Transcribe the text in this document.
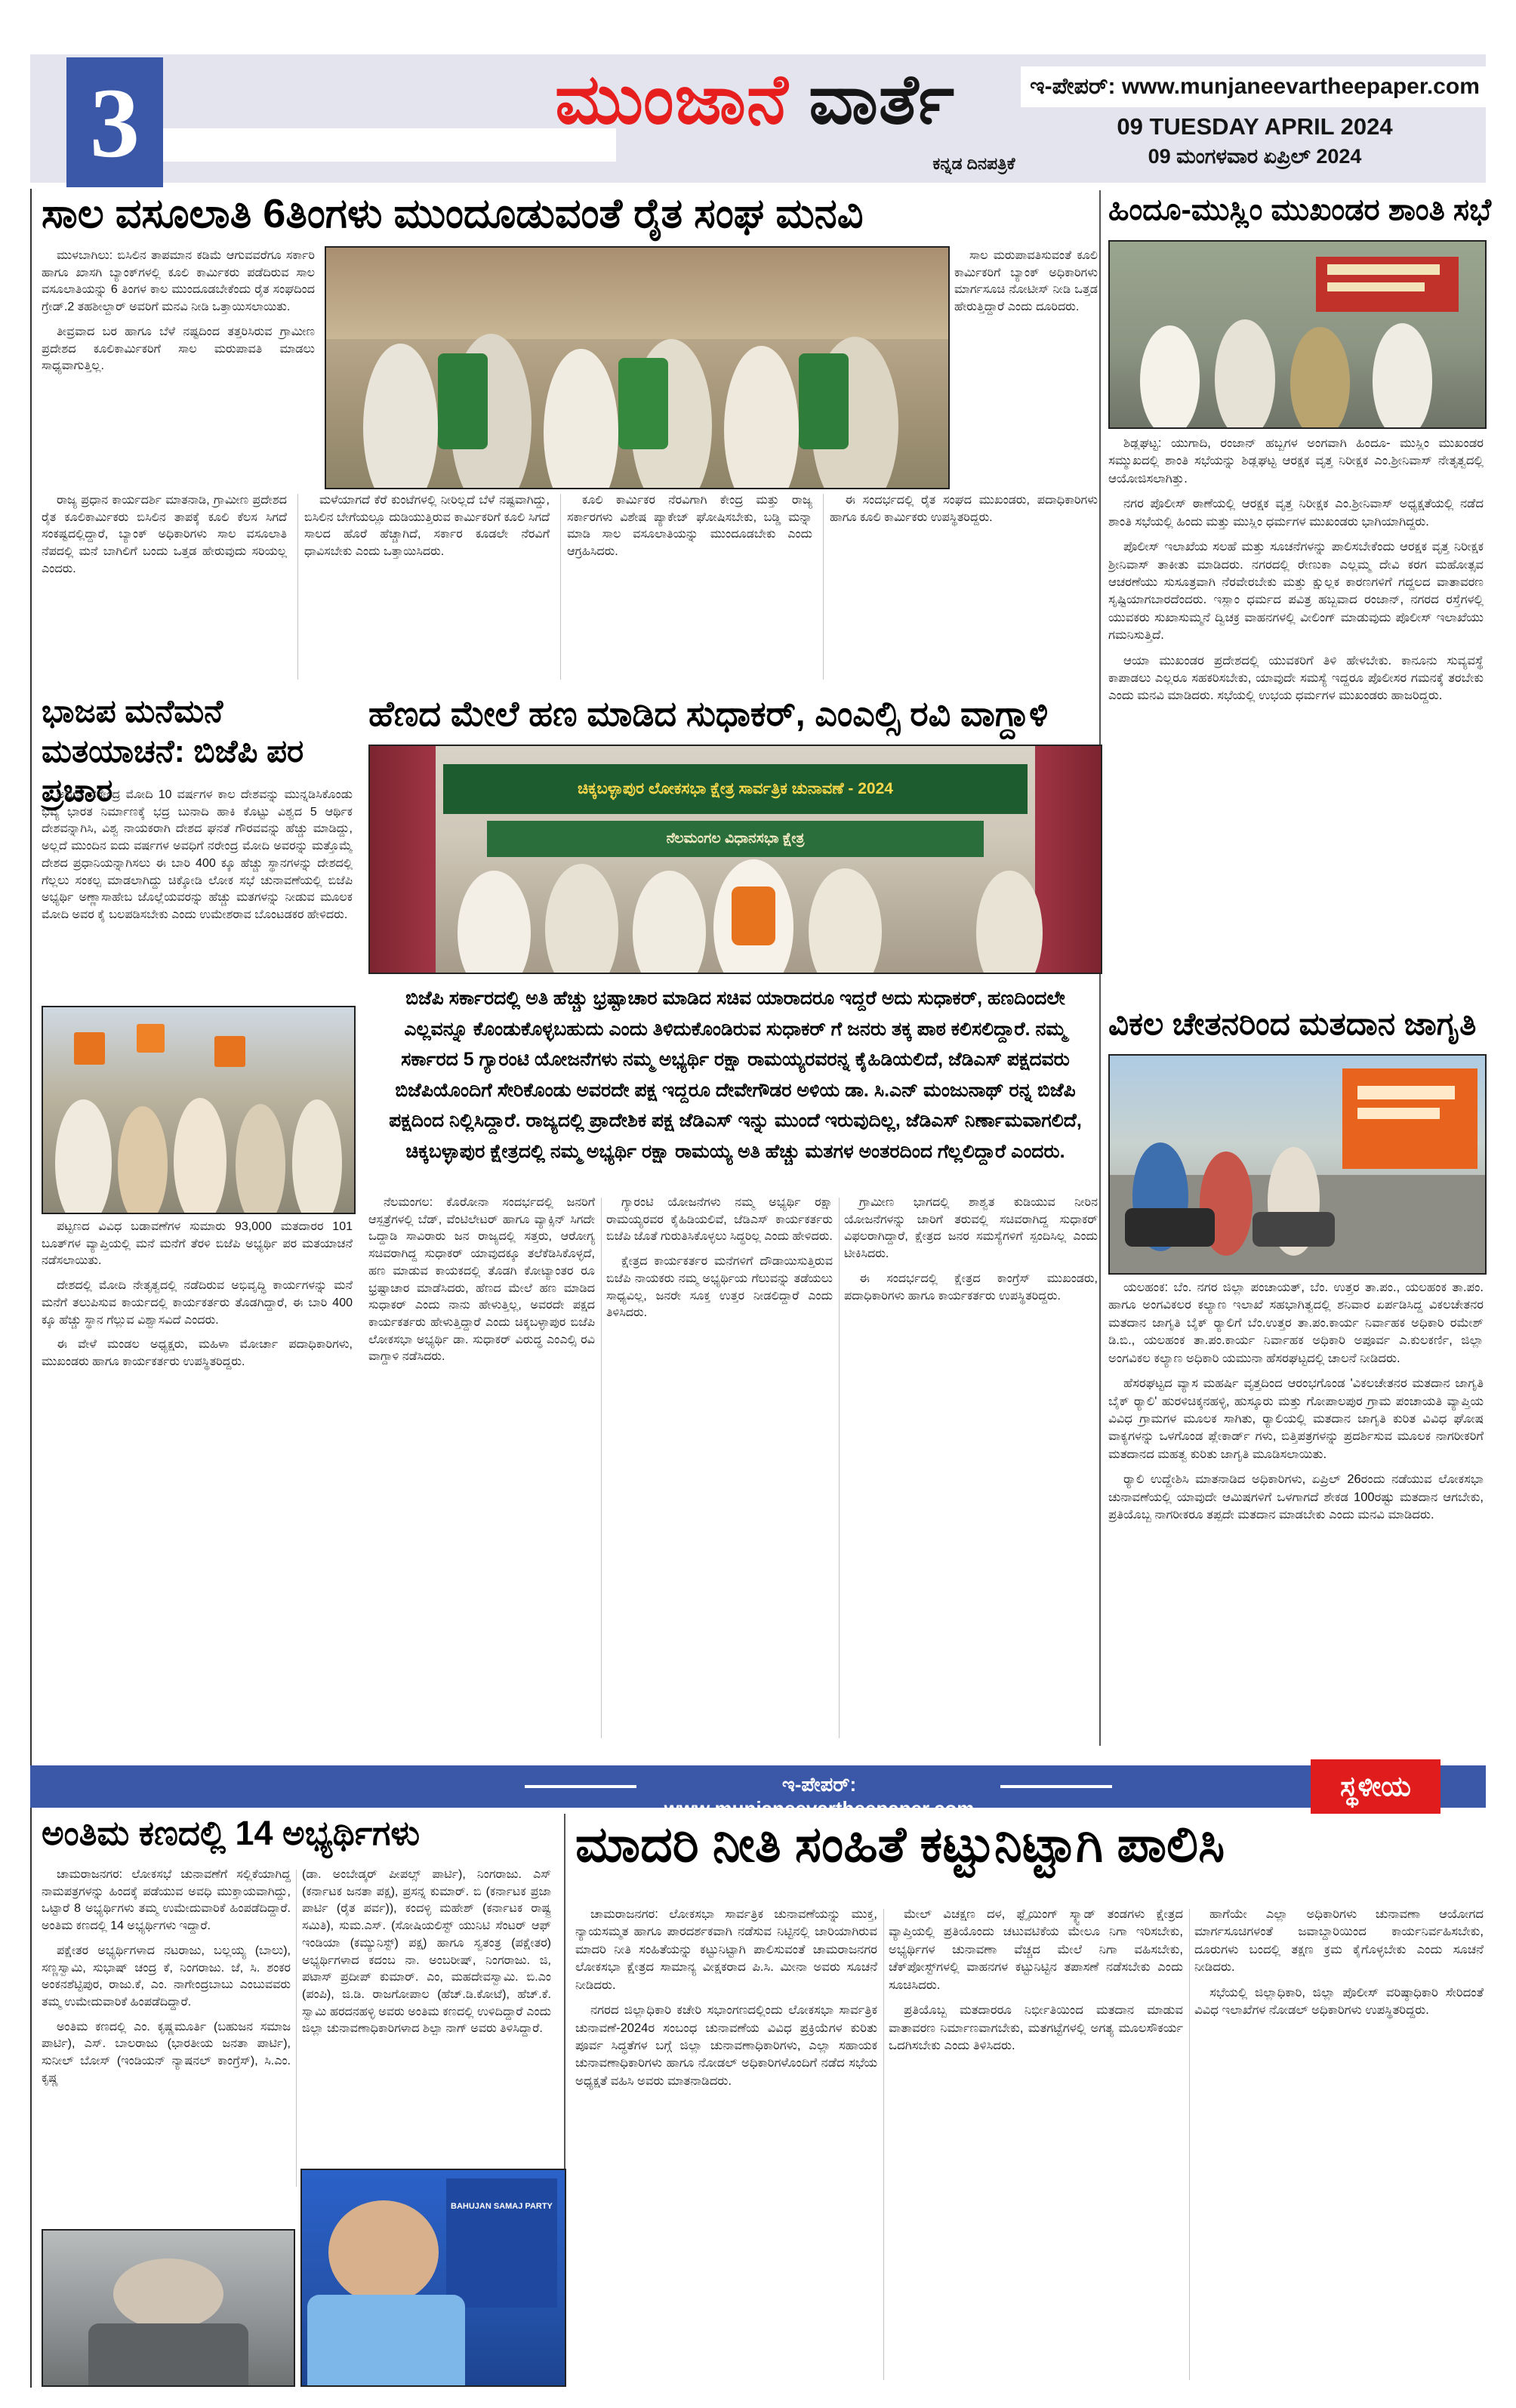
3	ಮುಂಜಾನೆ ವಾರ್ತೆ
ಕನ್ನಡ ದಿನಪತ್ರಿಕೆ
ಇ-ಪೇಪರ್: www.munjaneevartheepaper.com
09 TUESDAY APRIL 2024
09 ಮಂಗಳವಾರ ಏಪ್ರಿಲ್ 2024
ಸಾಲ ವಸೂಲಾತಿ 6ತಿಂಗಳು ಮುಂದೂಡುವಂತೆ ರೈತ ಸಂಘ ಮನವಿ

ಮುಳಬಾಗಿಲು: ಬಿಸಿಲಿನ ತಾಪಮಾನ ಕಡಿಮೆ ಆಗುವವರೆಗೂ ಸರ್ಕಾರಿ ಹಾಗೂ ಖಾಸಗಿ ಬ್ಯಾಂಕ್‌ಗಳಲ್ಲಿ ಕೂಲಿ ಕಾರ್ಮಿಕರು ಪಡೆದಿರುವ ಸಾಲ ವಸೂಲಾತಿಯನ್ನು 6 ತಿಂಗಳ ಕಾಲ ಮುಂದೂಡಬೇಕೆಂದು ರೈತ ಸಂಘದಿಂದ ಗ್ರೇಡ್.2 ತಹಶೀಲ್ದಾರ್ ಅವರಿಗೆ ಮನವಿ ನೀಡಿ ಒತ್ತಾಯಿಸಲಾಯಿತು.

ತೀವ್ರವಾದ ಬರ ಹಾಗೂ ಬೆಳೆ ನಷ್ಟದಿಂದ ತತ್ತರಿಸಿರುವ ಗ್ರಾಮೀಣ ಪ್ರದೇಶದ ಕೂಲಿಕಾರ್ಮಿಕರಿಗೆ ಸಾಲ ಮರುಪಾವತಿ ಮಾಡಲು ಸಾಧ್ಯವಾಗುತ್ತಿಲ್ಲ.

ಸಾಲ ಮರುಪಾವತಿಸುವಂತೆ ಕೂಲಿ ಕಾರ್ಮಿಕರಿಗೆ ಬ್ಯಾಂಕ್ ಅಧಿಕಾರಿಗಳು ಮಾರ್ಗಸೂಚಿ ನೋಟೀಸ್ ನೀಡಿ ಒತ್ತಡ ಹೇರುತ್ತಿದ್ದಾರೆ ಎಂದು ದೂರಿದರು.

ರಾಜ್ಯ ಪ್ರಧಾನ ಕಾರ್ಯದರ್ಶಿ ಮಾತನಾಡಿ, ಗ್ರಾಮೀಣ ಪ್ರದೇಶದ ರೈತ ಕೂಲಿಕಾರ್ಮಿಕರು ಬಿಸಿಲಿನ ತಾಪಕ್ಕೆ ಕೂಲಿ ಕೆಲಸ ಸಿಗದೆ ಸಂಕಷ್ಟದಲ್ಲಿದ್ದಾರೆ, ಬ್ಯಾಂಕ್ ಅಧಿಕಾರಿಗಳು ಸಾಲ ವಸೂಲಾತಿ ನೆಪದಲ್ಲಿ ಮನೆ ಬಾಗಿಲಿಗೆ ಬಂದು ಒತ್ತಡ ಹೇರುವುದು ಸರಿಯಲ್ಲ ಎಂದರು.

ಮಳೆಯಾಗದೆ ಕೆರೆ ಕುಂಟೆಗಳಲ್ಲಿ ನೀರಿಲ್ಲದೆ ಬೆಳೆ ನಷ್ಟವಾಗಿದ್ದು, ಬಿಸಿಲಿನ ಬೇಗೆಯಲ್ಲೂ ದುಡಿಯುತ್ತಿರುವ ಕಾರ್ಮಿಕರಿಗೆ ಕೂಲಿ ಸಿಗದೆ ಸಾಲದ ಹೊರೆ ಹೆಚ್ಚಾಗಿದೆ, ಸರ್ಕಾರ ಕೂಡಲೇ ನೆರವಿಗೆ ಧಾವಿಸಬೇಕು ಎಂದು ಒತ್ತಾಯಿಸಿದರು.

ಕೂಲಿ ಕಾರ್ಮಿಕರ ನೆರವಿಗಾಗಿ ಕೇಂದ್ರ ಮತ್ತು ರಾಜ್ಯ ಸರ್ಕಾರಗಳು ವಿಶೇಷ ಪ್ಯಾಕೇಜ್ ಘೋಷಿಸಬೇಕು, ಬಡ್ಡಿ ಮನ್ನಾ ಮಾಡಿ ಸಾಲ ವಸೂಲಾತಿಯನ್ನು ಮುಂದೂಡಬೇಕು ಎಂದು ಆಗ್ರಹಿಸಿದರು.

ಈ ಸಂದರ್ಭದಲ್ಲಿ ರೈತ ಸಂಘದ ಮುಖಂಡರು, ಪದಾಧಿಕಾರಿಗಳು ಹಾಗೂ ಕೂಲಿ ಕಾರ್ಮಿಕರು ಉಪಸ್ಥಿತರಿದ್ದರು.

ಹಿಂದೂ-ಮುಸ್ಲಿಂ ಮುಖಂಡರ ಶಾಂತಿ ಸಭೆ

ಶಿಡ್ಲಘಟ್ಟ: ಯುಗಾದಿ, ರಂಜಾನ್ ಹಬ್ಬಗಳ ಅಂಗವಾಗಿ ಹಿಂದೂ- ಮುಸ್ಲಿಂ ಮುಖಂಡರ ಸಮ್ಮುಖದಲ್ಲಿ ಶಾಂತಿ ಸಭೆಯನ್ನು ಶಿಡ್ಲಘಟ್ಟ ಆರಕ್ಷಕ ವೃತ್ತ ನಿರೀಕ್ಷಕ ಎಂ.ಶ್ರೀನಿವಾಸ್ ನೇತೃತ್ವದಲ್ಲಿ ಆಯೋಜಿಸಲಾಗಿತ್ತು.

ನಗರ ಪೊಲೀಸ್ ಠಾಣೆಯಲ್ಲಿ ಆರಕ್ಷಕ ವೃತ್ತ ನಿರೀಕ್ಷಕ ಎಂ.ಶ್ರೀನಿವಾಸ್ ಅಧ್ಯಕ್ಷತೆಯಲ್ಲಿ ನಡೆದ ಶಾಂತಿ ಸಭೆಯಲ್ಲಿ ಹಿಂದು ಮತ್ತು ಮುಸ್ಲಿಂ ಧರ್ಮಗಳ ಮುಖಂಡರು ಭಾಗಿಯಾಗಿದ್ದರು.

ಪೊಲೀಸ್ ಇಲಾಖೆಯ ಸಲಹೆ ಮತ್ತು ಸೂಚನೆಗಳನ್ನು ಪಾಲಿಸಬೇಕೆಂದು ಆರಕ್ಷಕ ವೃತ್ತ ನಿರೀಕ್ಷಕ ಶ್ರೀನಿವಾಸ್ ತಾಕೀತು ಮಾಡಿದರು. ನಗರದಲ್ಲಿ ರೇಣುಕಾ ಎಲ್ಲಮ್ಮ ದೇವಿ ಕರಗ ಮಹೋತ್ಸವ ಆಚರಣೆಯು ಸುಸೂತ್ರವಾಗಿ ನೆರವೇರಬೇಕು ಮತ್ತು ಕ್ಷುಲ್ಲಕ ಕಾರಣಗಳಿಗೆ ಗದ್ದಲದ ವಾತಾವರಣ ಸೃಷ್ಟಿಯಾಗಬಾರದೆಂದರು. ಇಸ್ಲಾಂ ಧರ್ಮದ ಪವಿತ್ರ ಹಬ್ಬವಾದ ರಂಜಾನ್, ನಗರದ ರಸ್ತೆಗಳಲ್ಲಿ ಯುವಕರು ಸುಖಾಸುಮ್ಮನೆ ದ್ವಿಚಕ್ರ ವಾಹನಗಳಲ್ಲಿ ವೀಲಿಂಗ್ ಮಾಡುವುದು ಪೊಲೀಸ್ ಇಲಾಖೆಯು ಗಮನಿಸುತ್ತಿದೆ.

ಆಯಾ ಮುಖಂಡರ ಪ್ರದೇಶದಲ್ಲಿ ಯುವಕರಿಗೆ ತಿಳಿ ಹೇಳಬೇಕು. ಕಾನೂನು ಸುವ್ಯವಸ್ಥೆ ಕಾಪಾಡಲು ಎಲ್ಲರೂ ಸಹಕರಿಸಬೇಕು, ಯಾವುದೇ ಸಮಸ್ಯೆ ಇದ್ದರೂ ಪೊಲೀಸರ ಗಮನಕ್ಕೆ ತರಬೇಕು ಎಂದು ಮನವಿ ಮಾಡಿದರು. ಸಭೆಯಲ್ಲಿ ಉಭಯ ಧರ್ಮಗಳ ಮುಖಂಡರು ಹಾಜರಿದ್ದರು.

ಭಾಜಪ ಮನೆಮನೆ ಮತಯಾಚನೆ: ಬಿಜೆಪಿ ಪರ ಪ್ರಚಾರ

ಅಥಣಿ: ನರೇಂದ್ರ ಮೋದಿ 10 ವರ್ಷಗಳ ಕಾಲ ದೇಶವನ್ನು ಮುನ್ನಡಿಸಿಕೊಂಡು ಭವ್ಯ ಭಾರತ ನಿರ್ಮಾಣಕ್ಕೆ ಭದ್ರ ಬುನಾದಿ ಹಾಕಿ ಕೊಟ್ಟು ವಿಶ್ವದ 5 ಆರ್ಥಿಕ ದೇಶವನ್ನಾಗಿಸಿ, ವಿಶ್ವ ನಾಯಕರಾಗಿ ದೇಶದ ಘನತೆ ಗೌರವವನ್ನು ಹೆಚ್ಚು ಮಾಡಿದ್ದು, ಅಲ್ಲದೆ ಮುಂದಿನ ಐದು ವರ್ಷಗಳ ಅವಧಿಗೆ ನರೇಂದ್ರ ಮೋದಿ ಅವರನ್ನು ಮತ್ತೊಮ್ಮೆ ದೇಶದ ಪ್ರಧಾನಿಯನ್ನಾಗಿಸಲು ಈ ಬಾರಿ 400 ಕ್ಕೂ ಹೆಚ್ಚು ಸ್ಥಾನಗಳನ್ನು ದೇಶದಲ್ಲಿ ಗೆಲ್ಲಲು ಸಂಕಲ್ಪ ಮಾಡಲಾಗಿದ್ದು ಚಿಕ್ಕೋಡಿ ಲೋಕ ಸಭೆ ಚುನಾವಣೆಯಲ್ಲಿ ಬಿಜೆಪಿ ಅಭ್ಯರ್ಥಿ ಅಣ್ಣಾಸಾಹೇಬ ಜೊಲ್ಲೆಯವರನ್ನು ಹೆಚ್ಚು ಮತಗಳನ್ನು ನೀಡುವ ಮೂಲಕ ಮೋದಿ ಅವರ ಕೈ ಬಲಪಡಿಸಬೇಕು ಎಂದು ಉಮೇಶರಾವ ಬೊಂಟಡಕರ ಹೇಳಿದರು.

ಪಟ್ಟಣದ ವಿವಿಧ ಬಡಾವಣೆಗಳ ಸುಮಾರು 93,000 ಮತದಾರರ 101 ಬೂತ್‌ಗಳ ವ್ಯಾಪ್ತಿಯಲ್ಲಿ ಮನೆ ಮನೆಗೆ ತೆರಳಿ ಬಿಜೆಪಿ ಅಭ್ಯರ್ಥಿ ಪರ ಮತಯಾಚನೆ ನಡೆಸಲಾಯಿತು.

ದೇಶದಲ್ಲಿ ಮೋದಿ ನೇತೃತ್ವದಲ್ಲಿ ನಡೆದಿರುವ ಅಭಿವೃದ್ಧಿ ಕಾರ್ಯಗಳನ್ನು ಮನೆ ಮನೆಗೆ ತಲುಪಿಸುವ ಕಾರ್ಯದಲ್ಲಿ ಕಾರ್ಯಕರ್ತರು ತೊಡಗಿದ್ದಾರೆ, ಈ ಬಾರಿ 400 ಕ್ಕೂ ಹೆಚ್ಚು ಸ್ಥಾನ ಗೆಲ್ಲುವ ವಿಶ್ವಾಸವಿದೆ ಎಂದರು.

ಈ ವೇಳೆ ಮಂಡಲ ಅಧ್ಯಕ್ಷರು, ಮಹಿಳಾ ಮೋರ್ಚಾ ಪದಾಧಿಕಾರಿಗಳು, ಮುಖಂಡರು ಹಾಗೂ ಕಾರ್ಯಕರ್ತರು ಉಪಸ್ಥಿತರಿದ್ದರು.

ಹೆಣದ ಮೇಲೆ ಹಣ ಮಾಡಿದ ಸುಧಾಕರ್, ಎಂಎಲ್ಸಿ ರವಿ ವಾಗ್ದಾಳಿ
ಚಿಕ್ಕಬಳ್ಳಾಪುರ ಲೋಕಸಭಾ ಕ್ಷೇತ್ರ ಸಾರ್ವತ್ರಿಕ ಚುನಾವಣೆ - 2024
ನೆಲಮಂಗಲ ವಿಧಾನಸಭಾ ಕ್ಷೇತ್ರ
ಬಿಜೆಪಿ ಸರ್ಕಾರದಲ್ಲಿ ಅತಿ ಹೆಚ್ಚು ಭ್ರಷ್ಟಾಚಾರ ಮಾಡಿದ ಸಚಿವ ಯಾರಾದರೂ ಇದ್ದರೆ ಅದು ಸುಧಾಕರ್, ಹಣದಿಂದಲೇ ಎಲ್ಲವನ್ನೂ ಕೊಂಡುಕೊಳ್ಳಬಹುದು ಎಂದು ತಿಳಿದುಕೊಂಡಿರುವ ಸುಧಾಕರ್ ಗೆ ಜನರು ತಕ್ಕ ಪಾಠ ಕಲಿಸಲಿದ್ದಾರೆ. ನಮ್ಮ ಸರ್ಕಾರದ 5 ಗ್ಯಾರಂಟಿ ಯೋಜನೆಗಳು ನಮ್ಮ ಅಭ್ಯರ್ಥಿ ರಕ್ಷಾ ರಾಮಯ್ಯರವರನ್ನ ಕೈಹಿಡಿಯಲಿದೆ, ಜೆಡಿಎಸ್ ಪಕ್ಷದವರು ಬಿಜೆಪಿಯೊಂದಿಗೆ ಸೇರಿಕೊಂಡು ಅವರದೇ ಪಕ್ಷ ಇದ್ದರೂ ದೇವೇಗೌಡರ ಅಳಿಯ ಡಾ. ಸಿ.ಎನ್ ಮಂಜುನಾಥ್ ರನ್ನ ಬಿಜೆಪಿ ಪಕ್ಷದಿಂದ ನಿಲ್ಲಿಸಿದ್ದಾರೆ. ರಾಜ್ಯದಲ್ಲಿ ಪ್ರಾದೇಶಿಕ ಪಕ್ಷ ಜೆಡಿಎಸ್ ಇನ್ನು ಮುಂದೆ ಇರುವುದಿಲ್ಲ, ಜೆಡಿಎಸ್ ನಿರ್ಣಾಮವಾಗಲಿದೆ, ಚಿಕ್ಕಬಳ್ಳಾಪುರ ಕ್ಷೇತ್ರದಲ್ಲಿ ನಮ್ಮ ಅಭ್ಯರ್ಥಿ ರಕ್ಷಾ ರಾಮಯ್ಯ ಅತಿ ಹೆಚ್ಚು ಮತಗಳ ಅಂತರದಿಂದ ಗೆಲ್ಲಲಿದ್ದಾರೆ ಎಂದರು.

ನೆಲಮಂಗಲ: ಕೊರೋನಾ ಸಂದರ್ಭದಲ್ಲಿ ಜನರಿಗೆ ಆಸ್ಪತ್ರೆಗಳಲ್ಲಿ ಬೆಡ್, ವೆಂಟಿಲೇಟರ್ ಹಾಗೂ ವ್ಯಾಕ್ಸಿನ್ ಸಿಗದೇ ಒದ್ದಾಡಿ ಸಾವಿರಾರು ಜನ ರಾಜ್ಯದಲ್ಲಿ ಸತ್ತರು, ಆರೋಗ್ಯ ಸಚಿವರಾಗಿದ್ದ ಸುಧಾಕರ್ ಯಾವುದಕ್ಕೂ ತಲೆಕೆಡಿಸಿಕೊಳ್ಳದೆ, ಹಣ ಮಾಡುವ ಕಾಯಕದಲ್ಲಿ ತೊಡಗಿ ಕೋಟ್ಯಾಂತರ ರೂ ಭ್ರಷ್ಟಾಚಾರ ಮಾಡೆಸಿದರು, ಹೆಣದ ಮೇಲೆ ಹಣ ಮಾಡಿದ ಸುಧಾಕರ್ ಎಂದು ನಾನು ಹೇಳುತ್ತಿಲ್ಲ, ಅವರದೇ ಪಕ್ಷದ ಕಾರ್ಯಕರ್ತರು ಹೇಳುತ್ತಿದ್ದಾರೆ ಎಂದು ಚಿಕ್ಕಬಳ್ಳಾಪುರ ಬಿಜೆಪಿ ಲೋಕಸಭಾ ಅಭ್ಯರ್ಥಿ ಡಾ. ಸುಧಾಕರ್ ವಿರುದ್ಧ ಎಂಎಲ್ಸಿ ರವಿ ವಾಗ್ದಾಳಿ ನಡೆಸಿದರು.

ಗ್ಯಾರಂಟಿ ಯೋಜನೆಗಳು ನಮ್ಮ ಅಭ್ಯರ್ಥಿ ರಕ್ಷಾ ರಾಮಯ್ಯರವರ ಕೈಹಿಡಿಯಲಿವೆ, ಜೆಡಿಎಸ್ ಕಾರ್ಯಕರ್ತರು ಬಿಜೆಪಿ ಜೊತೆ ಗುರುತಿಸಿಕೊಳ್ಳಲು ಸಿದ್ಧರಿಲ್ಲ ಎಂದು ಹೇಳಿದರು.

ಕ್ಷೇತ್ರದ ಕಾರ್ಯಕರ್ತರ ಮನೆಗಳಿಗೆ ದೌಡಾಯಿಸುತ್ತಿರುವ ಬಿಜೆಪಿ ನಾಯಕರು ನಮ್ಮ ಅಭ್ಯರ್ಥಿಯ ಗೆಲುವನ್ನು ತಡೆಯಲು ಸಾಧ್ಯವಿಲ್ಲ, ಜನರೇ ಸೂಕ್ತ ಉತ್ತರ ನೀಡಲಿದ್ದಾರೆ ಎಂದು ತಿಳಿಸಿದರು.

ಗ್ರಾಮೀಣ ಭಾಗದಲ್ಲಿ ಶಾಶ್ವತ ಕುಡಿಯುವ ನೀರಿನ ಯೋಜನೆಗಳನ್ನು ಜಾರಿಗೆ ತರುವಲ್ಲಿ ಸಚಿವರಾಗಿದ್ದ ಸುಧಾಕರ್ ವಿಫಲರಾಗಿದ್ದಾರೆ, ಕ್ಷೇತ್ರದ ಜನರ ಸಮಸ್ಯೆಗಳಿಗೆ ಸ್ಪಂದಿಸಿಲ್ಲ ಎಂದು ಟೀಕಿಸಿದರು.

ಈ ಸಂದರ್ಭದಲ್ಲಿ ಕ್ಷೇತ್ರದ ಕಾಂಗ್ರೆಸ್ ಮುಖಂಡರು, ಪದಾಧಿಕಾರಿಗಳು ಹಾಗೂ ಕಾರ್ಯಕರ್ತರು ಉಪಸ್ಥಿತರಿದ್ದರು.

ವಿಕಲ ಚೇತನರಿಂದ ಮತದಾನ ಜಾಗೃತಿ

ಯಲಹಂಕ: ಬೆಂ. ನಗರ ಜಿಲ್ಲಾ ಪಂಚಾಯತ್, ಬೆಂ. ಉತ್ತರ ತಾ.ಪಂ., ಯಲಹಂಕ ತಾ.ಪಂ. ಹಾಗೂ ಅಂಗವಿಕಲರ ಕಲ್ಯಾಣ ಇಲಾಖೆ ಸಹಭಾಗಿತ್ವದಲ್ಲಿ ಶನಿವಾರ ಏರ್ಪಡಿಸಿದ್ದ ವಿಕಲಚೇತನರ ಮತದಾನ ಜಾಗೃತಿ ಬೈಕ್ ರ‍್ಯಾಲಿಗೆ ಬೆಂ.ಉತ್ತರ ತಾ.ಪಂ.ಕಾರ್ಯ ನಿರ್ವಾಹಕ ಅಧಿಕಾರಿ ರಮೇಶ್ ಡಿ.ಬಿ., ಯಲಹಂಕ ತಾ.ಪಂ.ಕಾರ್ಯ ನಿರ್ವಾಹಕ ಅಧಿಕಾರಿ ಅಪೂರ್ವ ಎ.ಕುಲಕರ್ಣಿ, ಜಿಲ್ಲಾ ಅಂಗವಿಕಲ ಕಲ್ಯಾಣ ಅಧಿಕಾರಿ ಯಮುನಾ ಹೆಸರಘಟ್ಟದಲ್ಲಿ ಚಾಲನೆ ನೀಡಿದರು.

ಹೆಸರಘಟ್ಟದ ವ್ಯಾಸ ಮಹರ್ಷಿ ವೃತ್ತದಿಂದ ಆರಂಭಗೊಂಡ 'ವಿಕಲಚೇತನರ ಮತದಾನ ಜಾಗೃತಿ ಬೈಕ್ ರ‍್ಯಾಲಿ' ಹುರಳಿಚಿಕ್ಕನಹಳ್ಳಿ, ಹುಸ್ಕೂರು ಮತ್ತು ಗೋಪಾಲಪುರ ಗ್ರಾಮ ಪಂಚಾಯತಿ ವ್ಯಾಪ್ತಿಯ ವಿವಿಧ ಗ್ರಾಮಗಳ ಮೂಲಕ ಸಾಗಿತು, ರ‍್ಯಾಲಿಯಲ್ಲಿ ಮತದಾನ ಜಾಗೃತಿ ಕುರಿತ ವಿವಿಧ ಘೋಷ ವಾಕ್ಯಗಳನ್ನು ಒಳಗೊಂಡ ಪ್ಲೇಕಾರ್ಡ್ ಗಳು, ಬಿತ್ತಿಪತ್ರಗಳನ್ನು ಪ್ರದರ್ಶಿಸುವ ಮೂಲಕ ನಾಗರೀಕರಿಗೆ ಮತದಾನದ ಮಹತ್ವ ಕುರಿತು ಜಾಗೃತಿ ಮೂಡಿಸಲಾಯಿತು.

ರ‍್ಯಾಲಿ ಉದ್ದೇಶಿಸಿ ಮಾತನಾಡಿದ ಅಧಿಕಾರಿಗಳು, ಏಪ್ರಿಲ್ 26ರಂದು ನಡೆಯುವ ಲೋಕಸಭಾ ಚುನಾವಣೆಯಲ್ಲಿ ಯಾವುದೇ ಆಮಿಷಗಳಿಗೆ ಒಳಗಾಗದೆ ಶೇಕಡ 100ರಷ್ಟು ಮತದಾನ ಆಗಬೇಕು, ಪ್ರತಿಯೊಬ್ಬ ನಾಗರೀಕರೂ ತಪ್ಪದೇ ಮತದಾನ ಮಾಡಬೇಕು ಎಂದು ಮನವಿ ಮಾಡಿದರು.

ಇ-ಪೇಪರ್: www.munjaneevartheepaper.com
ಸ್ಥಳೀಯ
ಅಂತಿಮ ಕಣದಲ್ಲಿ 14 ಅಭ್ಯರ್ಥಿಗಳು

ಚಾಮರಾಜನಗರ: ಲೋಕಸಭೆ ಚುನಾವಣೆಗೆ ಸಲ್ಲಿಕೆಯಾಗಿದ್ದ ನಾಮಪತ್ರಗಳನ್ನು ಹಿಂದಕ್ಕೆ ಪಡೆಯುವ ಅವಧಿ ಮುಕ್ತಾಯವಾಗಿದ್ದು, ಒಟ್ಟಾರೆ 8 ಅಭ್ಯರ್ಥಿಗಳು ತಮ್ಮ ಉಮೇದುವಾರಿಕೆ ಹಿಂಪಡೆದಿದ್ದಾರೆ. ಅಂತಿಮ ಕಣದಲ್ಲಿ 14 ಅಭ್ಯರ್ಥಿಗಳು ಇದ್ದಾರೆ.

ಪಕ್ಷೇತರ ಅಭ್ಯರ್ಥಿಗಳಾದ ನಟರಾಜು, ಬಲ್ಲಯ್ಯ (ಬಾಲು), ಸಣ್ಣಸ್ವಾಮಿ, ಸುಭಾಷ್ ಚಂದ್ರ ಕೆ, ನಿಂಗರಾಜು. ಜೆ, ಸಿ. ಶಂಕರ ಅಂಕನಶೆಟ್ಟಿಪುರ, ರಾಜು.ಕೆ, ಎಂ. ನಾಗೇಂದ್ರಬಾಬು ಎಂಬುವವರು ತಮ್ಮ ಉಮೇದುವಾರಿಕೆ ಹಿಂಪಡೆದಿದ್ದಾರೆ.

ಅಂತಿಮ ಕಣದಲ್ಲಿ ಎಂ. ಕೃಷ್ಣಮೂರ್ತಿ (ಬಹುಜನ ಸಮಾಜ ಪಾರ್ಟಿ), ಎಸ್. ಬಾಲರಾಜು (ಭಾರತೀಯ ಜನತಾ ಪಾರ್ಟಿ), ಸುನೀಲ್ ಬೋಸ್ (ಇಂಡಿಯನ್ ನ್ಯಾಷನಲ್ ಕಾಂಗ್ರೆಸ್), ಸಿ.ಎಂ. ಕೃಷ್ಣ

(ಡಾ. ಅಂಬೇಡ್ಕರ್ ಪೀಪಲ್ಸ್ ಪಾರ್ಟಿ), ನಿಂಗರಾಜು. ಎಸ್ (ಕರ್ನಾಟಕ ಜನತಾ ಪಕ್ಷ), ಪ್ರಸನ್ನ ಕುಮಾರ್. ಬಿ (ಕರ್ನಾಟಕ ಪ್ರಜಾ ಪಾರ್ಟಿ (ರೈತ ಪರ್ವ)), ಕಂದಳ್ಳಿ ಮಹೇಶ್ (ಕರ್ನಾಟಕ ರಾಷ್ಟ್ರ ಸಮಿತಿ), ಸುಮ.ಎಸ್. (ಸೋಷಿಯಲಿಸ್ಟ್ ಯುನಿಟಿ ಸೆಂಟರ್ ಆಫ್ ಇಂಡಿಯಾ (ಕಮ್ಯುನಿಸ್ಟ್) ಪಕ್ಷ) ಹಾಗೂ ಸ್ವತಂತ್ರ (ಪಕ್ಷೇತರ) ಅಭ್ಯರ್ಥಿಗಳಾದ ಕದಂಬ ನಾ. ಅಂಬರೀಷ್, ನಿಂಗರಾಜು. ಜಿ, ಪಟಾಸ್ ಪ್ರದೀಪ್ ಕುಮಾರ್. ಎಂ, ಮಹದೇವಸ್ವಾಮಿ. ಬಿ.ಎಂ (ಪಂಪಿ), ಜಿ.ಡಿ. ರಾಜಗೋಪಾಲ (ಹೆಚ್.ಡಿ.ಕೋಟೆ), ಹೆಚ್.ಕೆ. ಸ್ವಾಮಿ ಹರದನಹಳ್ಳಿ ಅವರು ಅಂತಿಮ ಕಣದಲ್ಲಿ ಉಳಿದಿದ್ದಾರೆ ಎಂದು ಜಿಲ್ಲಾ ಚುನಾವಣಾಧಿಕಾರಿಗಳಾದ ಶಿಲ್ಪಾ ನಾಗ್ ಅವರು ತಿಳಿಸಿದ್ದಾರೆ.

BAHUJAN SAMAJ PARTY
ಮಾದರಿ ನೀತಿ ಸಂಹಿತೆ ಕಟ್ಟುನಿಟ್ಟಾಗಿ ಪಾಲಿಸಿ

ಚಾಮರಾಜನಗರ: ಲೋಕಸಭಾ ಸಾರ್ವತ್ರಿಕ ಚುನಾವಣೆಯನ್ನು ಮುಕ್ತ, ನ್ಯಾಯಸಮ್ಮತ ಹಾಗೂ ಪಾರದರ್ಶಕವಾಗಿ ನಡೆಸುವ ನಿಟ್ಟಿನಲ್ಲಿ ಜಾರಿಯಾಗಿರುವ ಮಾದರಿ ನೀತಿ ಸಂಹಿತೆಯನ್ನು ಕಟ್ಟುನಿಟ್ಟಾಗಿ ಪಾಲಿಸುವಂತೆ ಚಾಮರಾಜನಗರ ಲೋಕಸಭಾ ಕ್ಷೇತ್ರದ ಸಾಮಾನ್ಯ ವೀಕ್ಷಕರಾದ ಪಿ.ಸಿ. ಮೀನಾ ಅವರು ಸೂಚನೆ ನೀಡಿದರು.

ನಗರದ ಜಿಲ್ಲಾಧಿಕಾರಿ ಕಚೇರಿ ಸಭಾಂಗಣದಲ್ಲಿಂದು ಲೋಕಸಭಾ ಸಾರ್ವತ್ರಿಕ ಚುನಾವಣೆ-2024ರ ಸಂಬಂಧ ಚುನಾವಣೆಯ ವಿವಿಧ ಪ್ರಕ್ರಿಯೆಗಳ ಕುರಿತು ಪೂರ್ವ ಸಿದ್ಧತೆಗಳ ಬಗ್ಗೆ ಜಿಲ್ಲಾ ಚುನಾವಣಾಧಿಕಾರಿಗಳು, ಎಲ್ಲಾ ಸಹಾಯಕ ಚುನಾವಣಾಧಿಕಾರಿಗಳು ಹಾಗೂ ನೋಡಲ್ ಅಧಿಕಾರಿಗಳೊಂದಿಗೆ ನಡೆದ ಸಭೆಯ ಅಧ್ಯಕ್ಷತೆ ವಹಿಸಿ ಅವರು ಮಾತನಾಡಿದರು.

ಮೇಲ್ ವಿಚಕ್ಷಣ ದಳ, ಫ್ಲೈಯಿಂಗ್ ಸ್ಕ್ವಾಡ್ ತಂಡಗಳು ಕ್ಷೇತ್ರದ ವ್ಯಾಪ್ತಿಯಲ್ಲಿ ಪ್ರತಿಯೊಂದು ಚಟುವಟಿಕೆಯ ಮೇಲೂ ನಿಗಾ ಇರಿಸಬೇಕು, ಅಭ್ಯರ್ಥಿಗಳ ಚುನಾವಣಾ ವೆಚ್ಚದ ಮೇಲೆ ನಿಗಾ ವಹಿಸಬೇಕು, ಚೆಕ್‌ಪೋಸ್ಟ್‌ಗಳಲ್ಲಿ ವಾಹನಗಳ ಕಟ್ಟುನಿಟ್ಟಿನ ತಪಾಸಣೆ ನಡೆಸಬೇಕು ಎಂದು ಸೂಚಿಸಿದರು.

ಪ್ರತಿಯೊಬ್ಬ ಮತದಾರರೂ ನಿರ್ಭೀತಿಯಿಂದ ಮತದಾನ ಮಾಡುವ ವಾತಾವರಣ ನಿರ್ಮಾಣವಾಗಬೇಕು, ಮತಗಟ್ಟೆಗಳಲ್ಲಿ ಅಗತ್ಯ ಮೂಲಸೌಕರ್ಯ ಒದಗಿಸಬೇಕು ಎಂದು ತಿಳಿಸಿದರು.

ಹಾಗೆಯೇ ಎಲ್ಲಾ ಅಧಿಕಾರಿಗಳು ಚುನಾವಣಾ ಆಯೋಗದ ಮಾರ್ಗಸೂಚಿಗಳಂತೆ ಜವಾಬ್ದಾರಿಯಿಂದ ಕಾರ್ಯನಿರ್ವಹಿಸಬೇಕು, ದೂರುಗಳು ಬಂದಲ್ಲಿ ತಕ್ಷಣ ಕ್ರಮ ಕೈಗೊಳ್ಳಬೇಕು ಎಂದು ಸೂಚನೆ ನೀಡಿದರು.

ಸಭೆಯಲ್ಲಿ ಜಿಲ್ಲಾಧಿಕಾರಿ, ಜಿಲ್ಲಾ ಪೊಲೀಸ್ ವರಿಷ್ಠಾಧಿಕಾರಿ ಸೇರಿದಂತೆ ವಿವಿಧ ಇಲಾಖೆಗಳ ನೋಡಲ್ ಅಧಿಕಾರಿಗಳು ಉಪಸ್ಥಿತರಿದ್ದರು.
